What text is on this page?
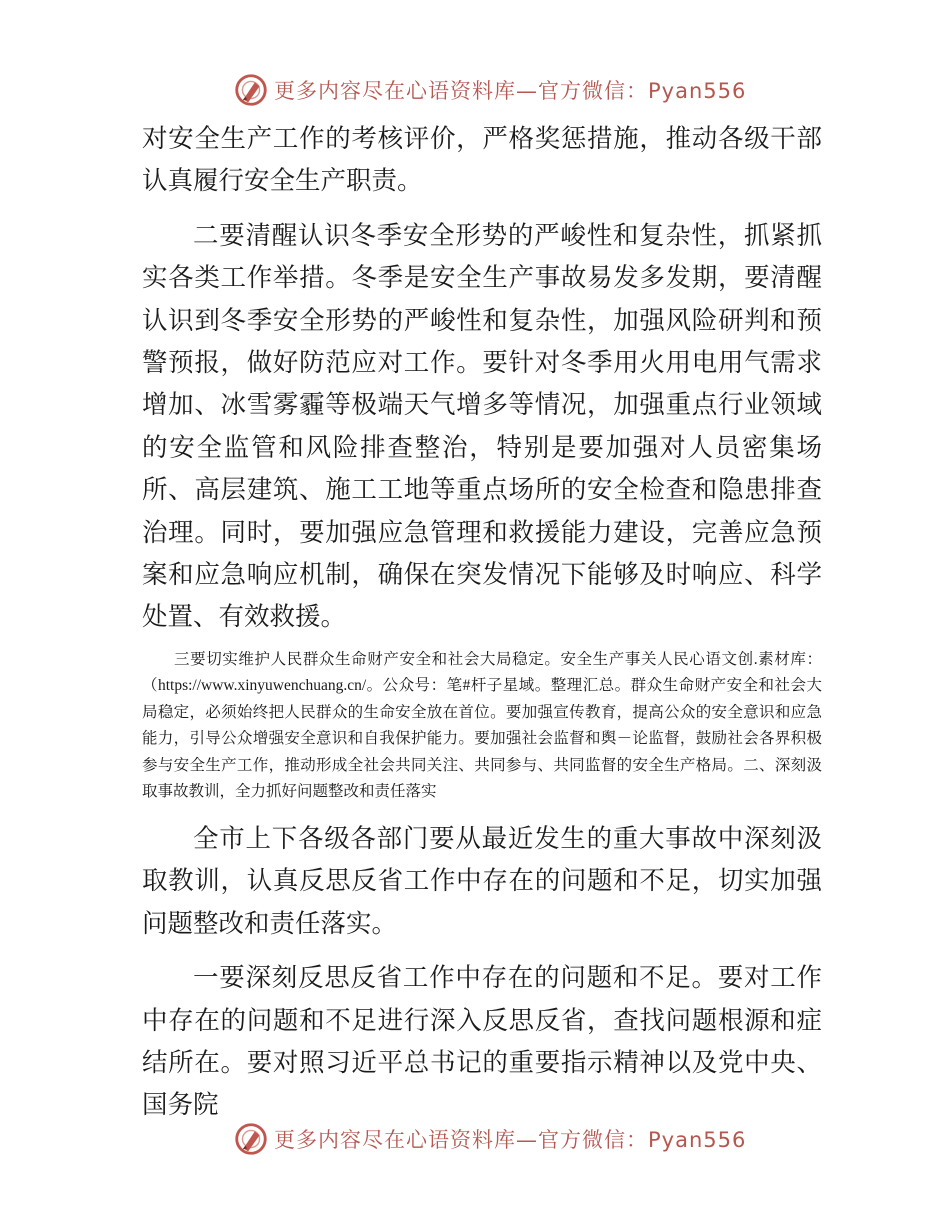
更多内容尽在心语资料库—官方微信：Pyan556

对安全生产工作的考核评价，严格奖惩措施，推动各级干部认真履行安全生产职责。

二要清醒认识冬季安全形势的严峻性和复杂性，抓紧抓实各类工作举措。冬季是安全生产事故易发多发期，要清醒认识到冬季安全形势的严峻性和复杂性，加强风险研判和预警预报，做好防范应对工作。要针对冬季用火用电用气需求增加、冰雪雾霾等极端天气增多等情况，加强重点行业领域的安全监管和风险排查整治，特别是要加强对人员密集场所、高层建筑、施工工地等重点场所的安全检查和隐患排查治理。同时，要加强应急管理和救援能力建设，完善应急预案和应急响应机制，确保在突发情况下能够及时响应、科学处置、有效救援。

三要切实维护人民群众生命财产安全和社会大局稳定。安全生产事关人民心语文创.素材库：（https://www.xinyuwenchuang.cn/。公众号：笔#杆子星域。整理汇总。群众生命财产安全和社会大局稳定，必须始终把人民群众的生命安全放在首位。要加强宣传教育，提高公众的安全意识和应急能力，引导公众增强安全意识和自我保护能力。要加强社会监督和舆－论监督，鼓励社会各界积极参与安全生产工作，推动形成全社会共同关注、共同参与、共同监督的安全生产格局。二、深刻汲取事故教训，全力抓好问题整改和责任落实

全市上下各级各部门要从最近发生的重大事故中深刻汲取教训，认真反思反省工作中存在的问题和不足，切实加强问题整改和责任落实。

一要深刻反思反省工作中存在的问题和不足。要对工作中存在的问题和不足进行深入反思反省，查找问题根源和症结所在。要对照习近平总书记的重要指示精神以及党中央、国务院

更多内容尽在心语资料库—官方微信：Pyan556
